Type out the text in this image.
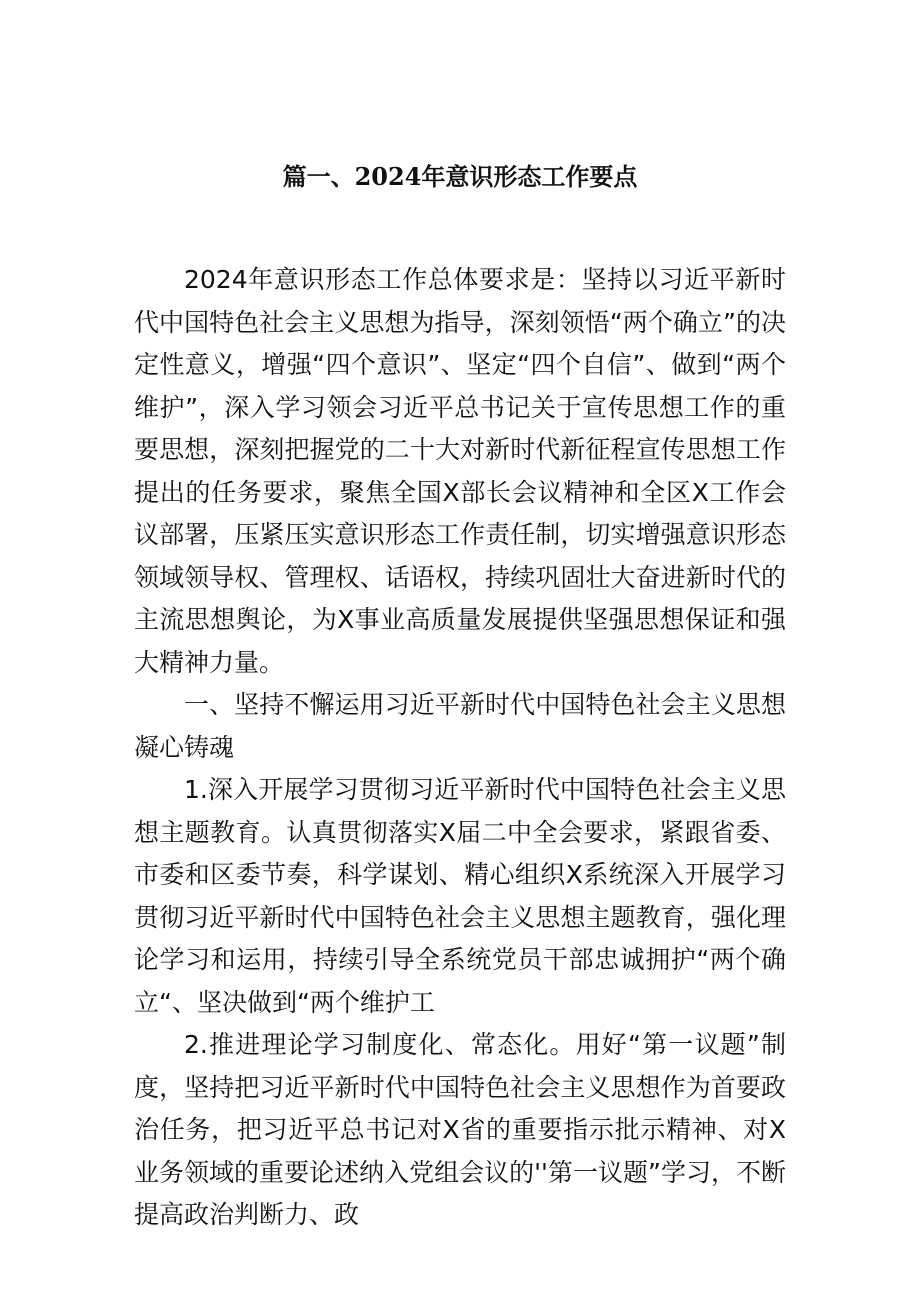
篇一、2024年意识形态工作要点

2024年意识形态工作总体要求是：坚持以习近平新时代中国特色社会主义思想为指导，深刻领悟“两个确立”的决定性意义，增强“四个意识”、坚定“四个自信”、做到“两个维护”，深入学习领会习近平总书记关于宣传思想工作的重要思想，深刻把握党的二十大对新时代新征程宣传思想工作提出的任务要求，聚焦全国X部长会议精神和全区X工作会议部署，压紧压实意识形态工作责任制，切实增强意识形态领域领导权、管理权、话语权，持续巩固壮大奋进新时代的主流思想舆论，为X事业高质量发展提供坚强思想保证和强大精神力量。

一、坚持不懈运用习近平新时代中国特色社会主义思想凝心铸魂

1.深入开展学习贯彻习近平新时代中国特色社会主义思想主题教育。认真贯彻落实X届二中全会要求，紧跟省委、市委和区委节奏，科学谋划、精心组织X系统深入开展学习贯彻习近平新时代中国特色社会主义思想主题教育，强化理论学习和运用，持续引导全系统党员干部忠诚拥护“两个确立“、坚决做到“两个维护工

2.推进理论学习制度化、常态化。用好“第一议题”制度，坚持把习近平新时代中国特色社会主义思想作为首要政治任务，把习近平总书记对X省的重要指示批示精神、对X业务领域的重要论述纳入党组会议的''第一议题”学习，不断提高政治判断力、政
